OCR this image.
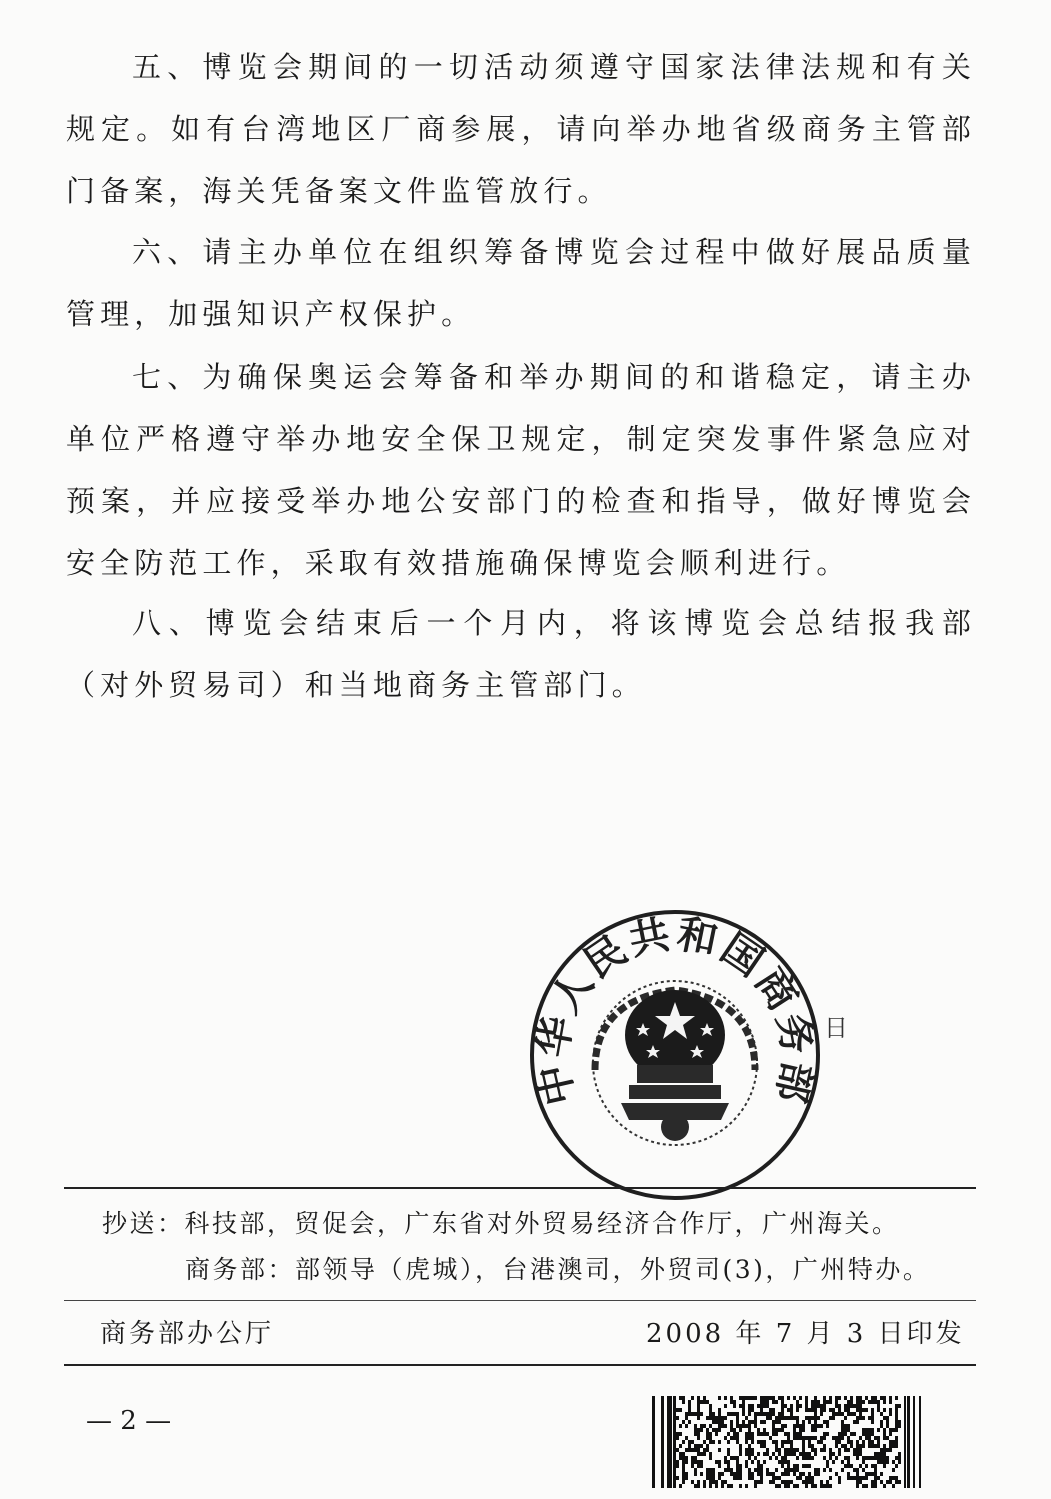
五、博览会期间的一切活动须遵守国家法律法规和有关规定。如有台湾地区厂商参展，请向举办地省级商务主管部门备案，海关凭备案文件监管放行。

六、请主办单位在组织筹备博览会过程中做好展品质量管理，加强知识产权保护。

七、为确保奥运会筹备和举办期间的和谐稳定，请主办单位严格遵守举办地安全保卫规定，制定突发事件紧急应对预案，并应接受举办地公安部门的检查和指导，做好博览会安全防范工作，采取有效措施确保博览会顺利进行。

八、博览会结束后一个月内，将该博览会总结报我部（对外贸易司）和当地商务主管部门。

中华人民共和国商务部
日
抄送：科技部，贸促会，广东省对外贸易经济合作厅，广州海关。
商务部：部领导（虎城），台港澳司，外贸司(3)，广州特办。
商务部办公厅	2008 年 7 月 3 日印发
— 2 —
